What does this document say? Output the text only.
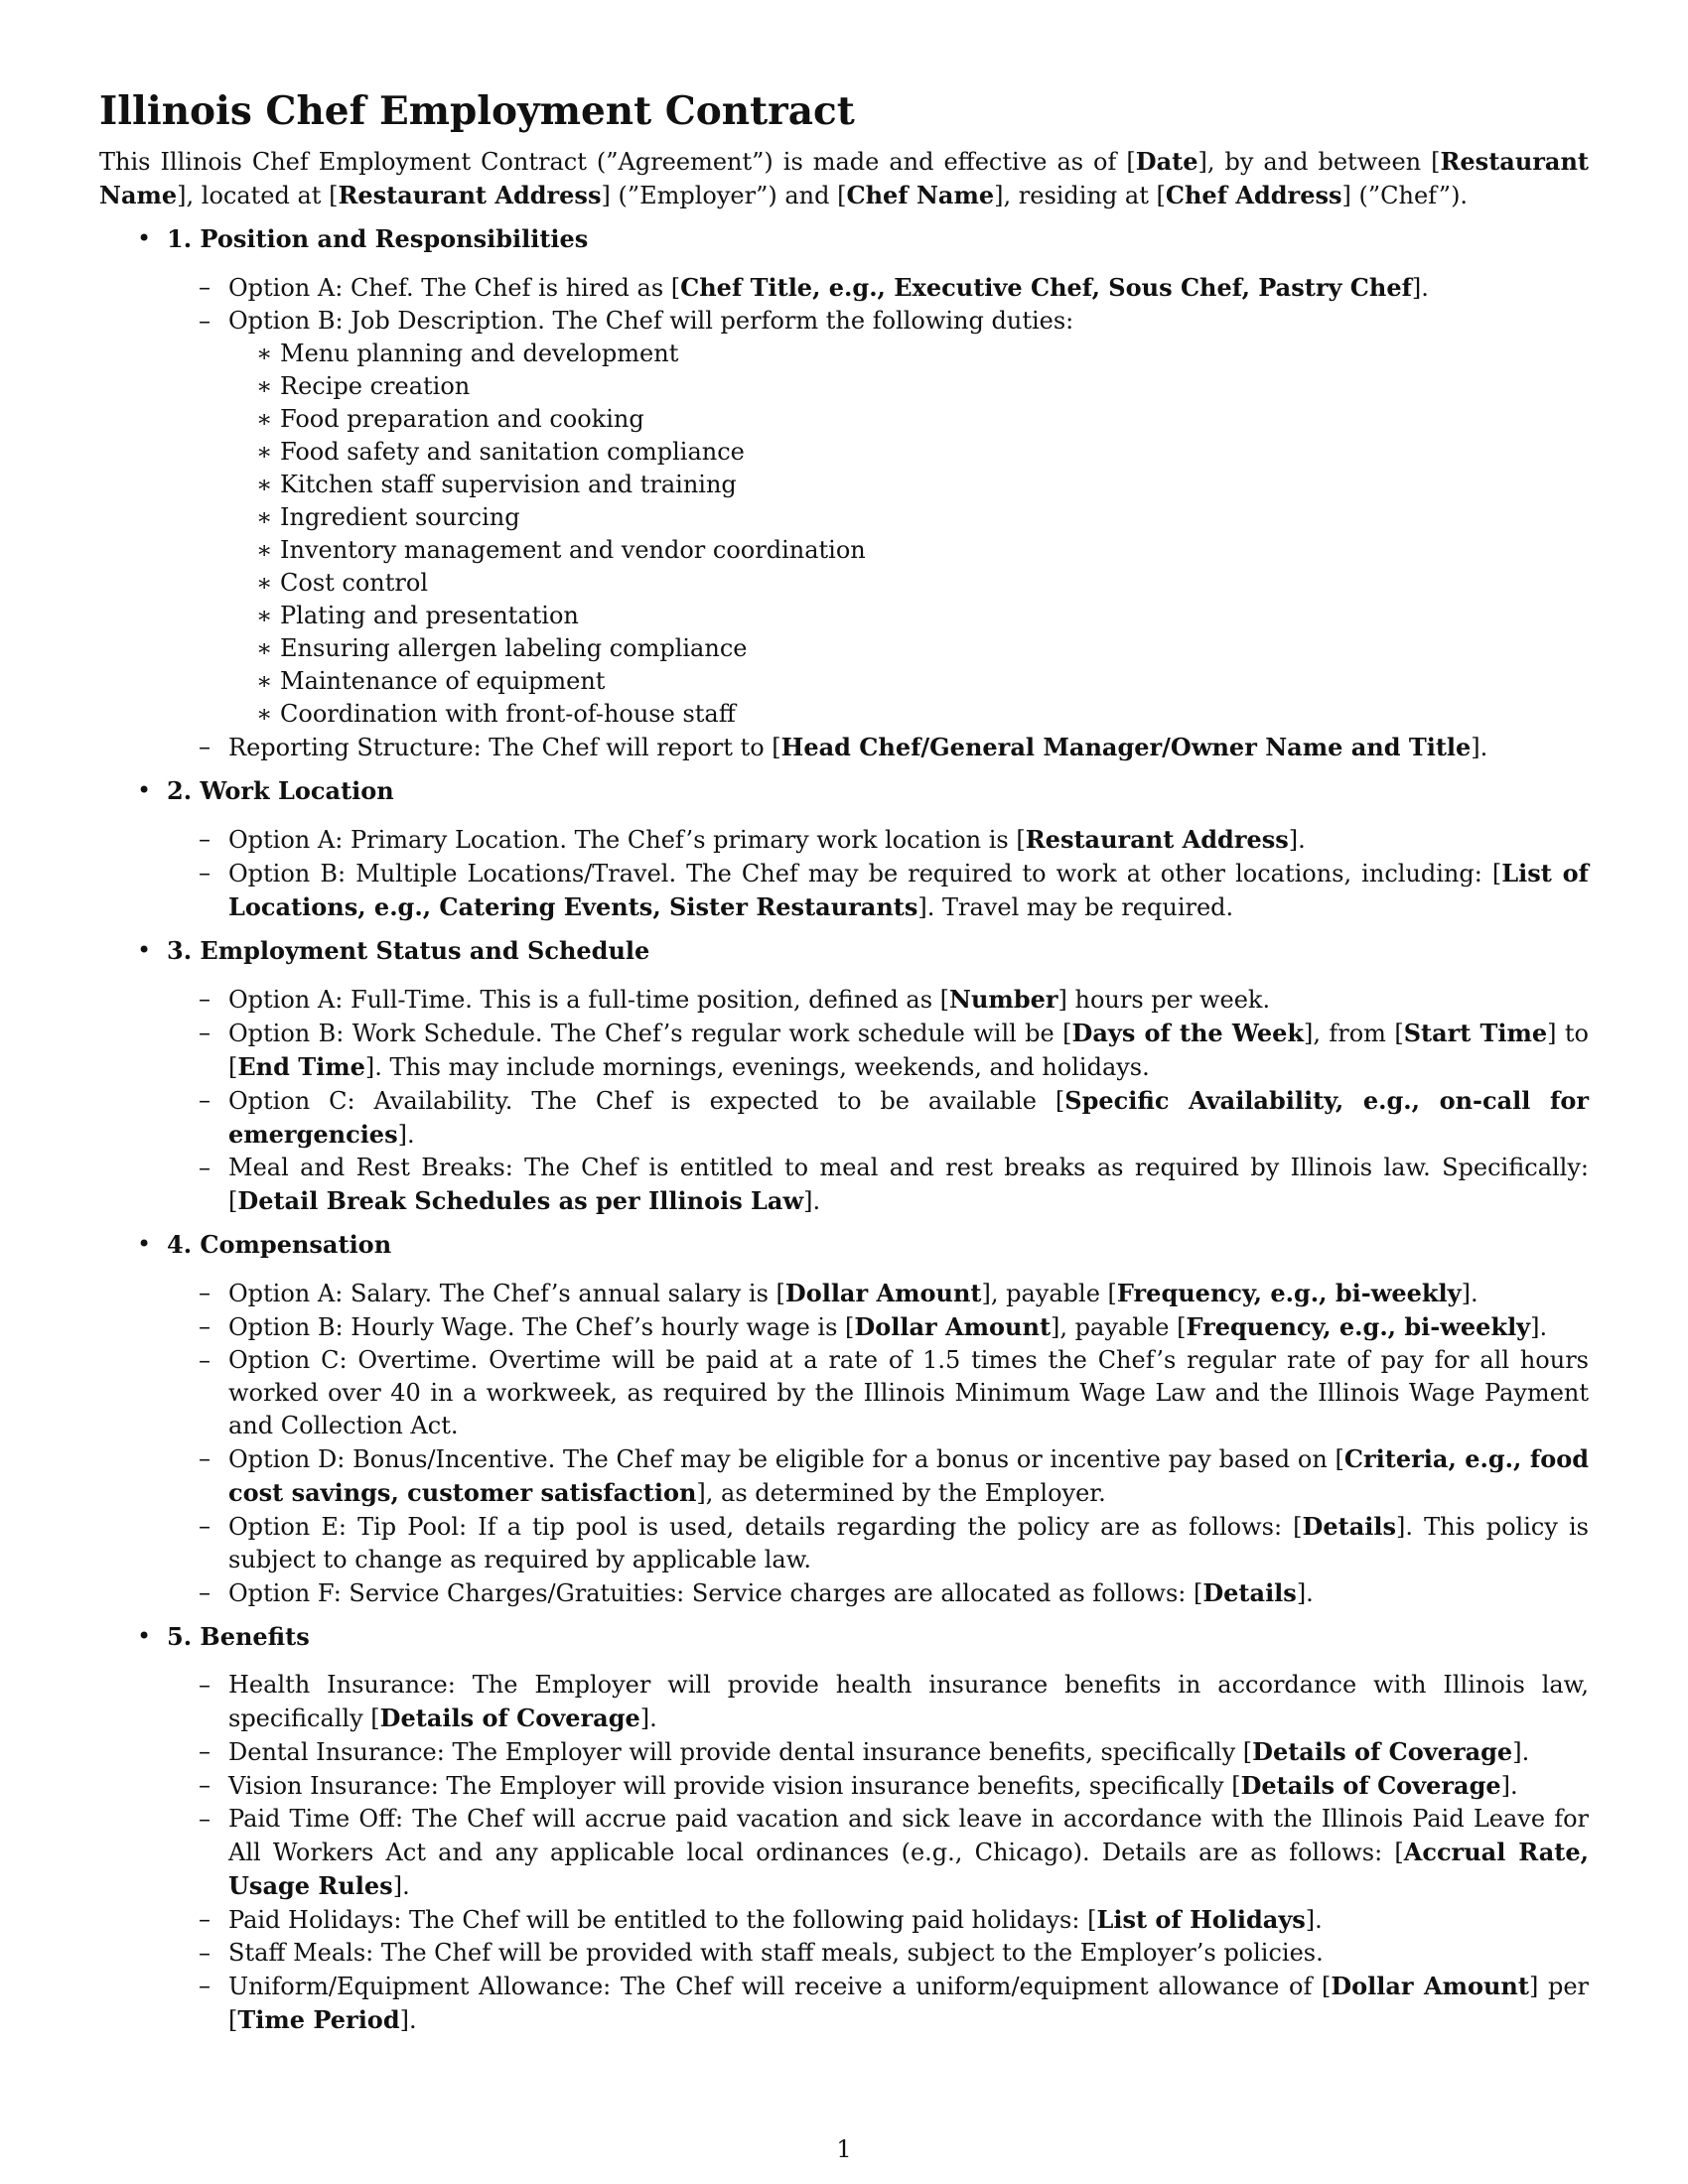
Illinois Chef Employment Contract

This Illinois Chef Employment Contract (”Agreement”) is made and effective as of [Date], by and between [Restaurant Name], located at [Restaurant Address] (”Employer”) and [Chef Name], residing at [Chef Address] (”Chef”).

• 1. Position and Responsibilities
– Option A: Chef. The Chef is hired as [Chef Title, e.g., Executive Chef, Sous Chef, Pastry Chef].
– Option B: Job Description. The Chef will perform the following duties:
∗ Menu planning and development
∗ Recipe creation
∗ Food preparation and cooking
∗ Food safety and sanitation compliance
∗ Kitchen staff supervision and training
∗ Ingredient sourcing
∗ Inventory management and vendor coordination
∗ Cost control
∗ Plating and presentation
∗ Ensuring allergen labeling compliance
∗ Maintenance of equipment
∗ Coordination with front-of-house staff
– Reporting Structure: The Chef will report to [Head Chef/General Manager/Owner Name and Title].
• 2. Work Location
– Option A: Primary Location. The Chef’s primary work location is [Restaurant Address].
– Option B: Multiple Locations/Travel. The Chef may be required to work at other locations, including: [List of Locations, e.g., Catering Events, Sister Restaurants]. Travel may be required.
• 3. Employment Status and Schedule
– Option A: Full-Time. This is a full-time position, defined as [Number] hours per week.
– Option B: Work Schedule. The Chef’s regular work schedule will be [Days of the Week], from [Start Time] to [End Time]. This may include mornings, evenings, weekends, and holidays.
– Option C: Availability. The Chef is expected to be available [Specific Availability, e.g., on-call for emergencies].
– Meal and Rest Breaks: The Chef is entitled to meal and rest breaks as required by Illinois law. Specifically: [Detail Break Schedules as per Illinois Law].
• 4. Compensation
– Option A: Salary. The Chef’s annual salary is [Dollar Amount], payable [Frequency, e.g., bi-weekly].
– Option B: Hourly Wage. The Chef’s hourly wage is [Dollar Amount], payable [Frequency, e.g., bi-weekly].
– Option C: Overtime. Overtime will be paid at a rate of 1.5 times the Chef’s regular rate of pay for all hours worked over 40 in a workweek, as required by the Illinois Minimum Wage Law and the Illinois Wage Payment and Collection Act.
– Option D: Bonus/Incentive. The Chef may be eligible for a bonus or incentive pay based on [Criteria, e.g., food cost savings, customer satisfaction], as determined by the Employer.
– Option E: Tip Pool: If a tip pool is used, details regarding the policy are as follows: [Details]. This policy is subject to change as required by applicable law.
– Option F: Service Charges/Gratuities: Service charges are allocated as follows: [Details].
• 5. Benefits
– Health Insurance: The Employer will provide health insurance benefits in accordance with Illinois law, specifically [Details of Coverage].
– Dental Insurance: The Employer will provide dental insurance benefits, specifically [Details of Coverage].
– Vision Insurance: The Employer will provide vision insurance benefits, specifically [Details of Coverage].
– Paid Time Off: The Chef will accrue paid vacation and sick leave in accordance with the Illinois Paid Leave for All Workers Act and any applicable local ordinances (e.g., Chicago). Details are as follows: [Accrual Rate, Usage Rules].
– Paid Holidays: The Chef will be entitled to the following paid holidays: [List of Holidays].
– Staff Meals: The Chef will be provided with staff meals, subject to the Employer’s policies.
– Uniform/Equipment Allowance: The Chef will receive a uniform/equipment allowance of [Dollar Amount] per [Time Period].
1
